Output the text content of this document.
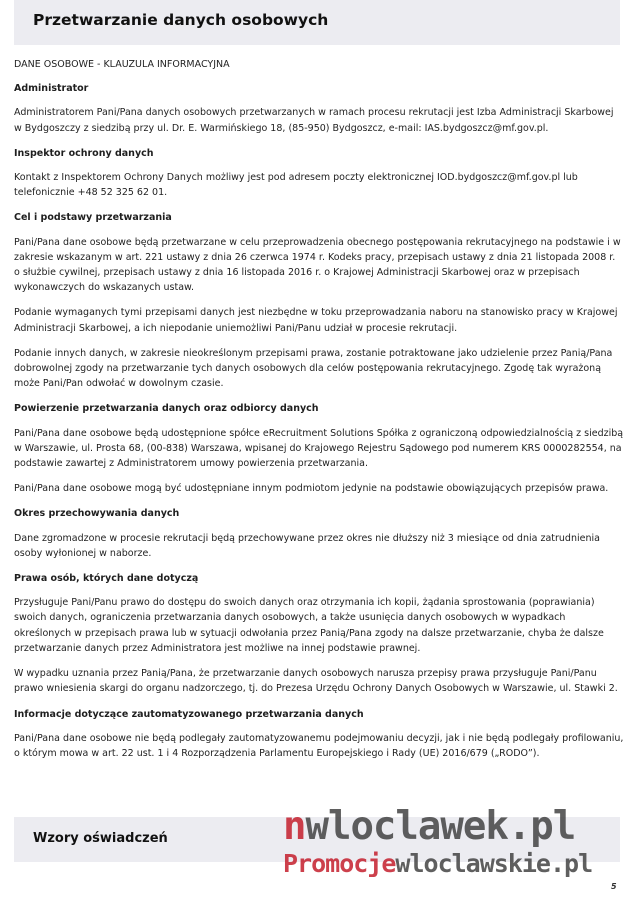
Przetwarzanie danych osobowych

DANE OSOBOWE - KLAUZULA INFORMACYJNA

Administrator

Administratorem Pani/Pana danych osobowych przetwarzanych w ramach procesu rekrutacji jest Izba Administracji Skarbowej w Bydgoszczy z siedzibą przy ul. Dr. E. Warmińskiego 18, (85-950) Bydgoszcz, e-mail: IAS.bydgoszcz@mf.gov.pl.

Inspektor ochrony danych

Kontakt z Inspektorem Ochrony Danych możliwy jest pod adresem poczty elektronicznej IOD.bydgoszcz@mf.gov.pl lub telefonicznie +48 52 325 62 01.

Cel i podstawy przetwarzania

Pani/Pana dane osobowe będą przetwarzane w celu przeprowadzenia obecnego postępowania rekrutacyjnego na podstawie i w zakresie wskazanym w art. 221 ustawy z dnia 26 czerwca 1974 r. Kodeks pracy, przepisach ustawy z dnia 21 listopada 2008 r. o służbie cywilnej, przepisach ustawy z dnia 16 listopada 2016 r. o Krajowej Administracji Skarbowej oraz w przepisach wykonawczych do wskazanych ustaw.

Podanie wymaganych tymi przepisami danych jest niezbędne w toku przeprowadzania naboru na stanowisko pracy w Krajowej Administracji Skarbowej, a ich niepodanie uniemożliwi Pani/Panu udział w procesie rekrutacji.

Podanie innych danych, w zakresie nieokreślonym przepisami prawa, zostanie potraktowane jako udzielenie przez Panią/Pana dobrowolnej zgody na przetwarzanie tych danych osobowych dla celów postępowania rekrutacyjnego. Zgodę tak wyrażoną może Pani/Pan odwołać w dowolnym czasie.

Powierzenie przetwarzania danych oraz odbiorcy danych

Pani/Pana dane osobowe będą udostępnione spółce eRecruitment Solutions Spółka z ograniczoną odpowiedzialnością z siedzibą w Warszawie, ul. Prosta 68, (00-838) Warszawa, wpisanej do Krajowego Rejestru Sądowego pod numerem KRS 0000282554, na podstawie zawartej z Administratorem umowy powierzenia przetwarzania.

Pani/Pana dane osobowe mogą być udostępniane innym podmiotom jedynie na podstawie obowiązujących przepisów prawa.

Okres przechowywania danych

Dane zgromadzone w procesie rekrutacji będą przechowywane przez okres nie dłuższy niż 3 miesiące od dnia zatrudnienia osoby wyłonionej w naborze.

Prawa osób, których dane dotyczą

Przysługuje Pani/Panu prawo do dostępu do swoich danych oraz otrzymania ich kopii, żądania sprostowania (poprawiania) swoich danych, ograniczenia przetwarzania danych osobowych, a także usunięcia danych osobowych w wypadkach określonych w przepisach prawa lub w sytuacji odwołania przez Panią/Pana zgody na dalsze przetwarzanie, chyba że dalsze przetwarzanie danych przez Administratora jest możliwe na innej podstawie prawnej.

W wypadku uznania przez Panią/Pana, że przetwarzanie danych osobowych narusza przepisy prawa przysługuje Pani/Panu prawo wniesienia skargi do organu nadzorczego, tj. do Prezesa Urzędu Ochrony Danych Osobowych w Warszawie, ul. Stawki 2.

Informacje dotyczące zautomatyzowanego przetwarzania danych

Pani/Pana dane osobowe nie będą podlegały zautomatyzowanemu podejmowaniu decyzji, jak i nie będą podlegały profilowaniu, o którym mowa w art. 22 ust. 1 i 4 Rozporządzenia Parlamentu Europejskiego i Rady (UE) 2016/679 („RODO”).

Wzory oświadczeń	nwloclawek.pl
Promocjewloclawskie.pl
5
